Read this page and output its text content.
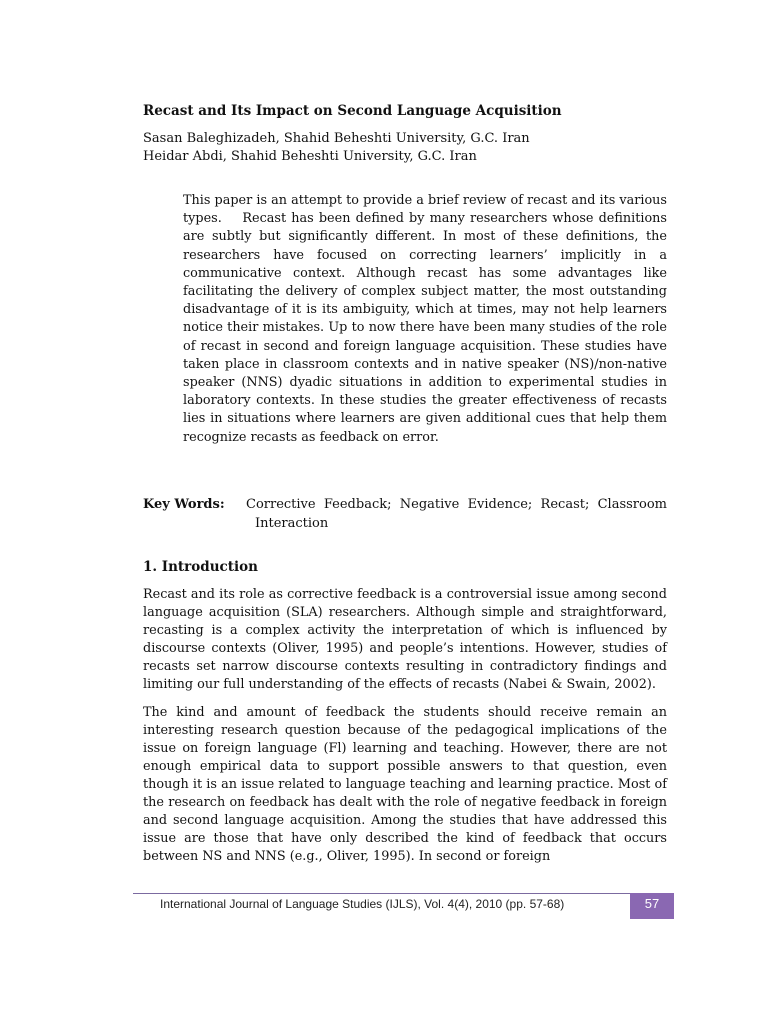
Recast and Its Impact on Second Language Acquisition
Sasan Baleghizadeh, Shahid Beheshti University, G.C. Iran
Heidar Abdi, Shahid Beheshti University, G.C. Iran
This paper is an attempt to provide a brief review of recast and its various types.    Recast has been defined by many researchers whose definitions are subtly but significantly different. In most of these definitions, the researchers have focused on correcting learners’ implicitly in a communicative context. Although recast has some advantages like facilitating the delivery of complex subject matter, the most outstanding disadvantage of it is its ambiguity, which at times, may not help learners notice their mistakes. Up to now there have been many studies of the role of recast in second and foreign language acquisition. These studies have taken place in classroom contexts and in native speaker (NS)/non-native speaker (NNS) dyadic situations in addition to experimental studies in laboratory contexts. In these studies the greater effectiveness of recasts lies in situations where learners are given additional cues that help them recognize recasts as feedback on error.
Key Words:	Corrective Feedback; Negative Evidence; Recast; Classroom
Interaction
1. Introduction

Recast and its role as corrective feedback is a controversial issue among second language acquisition (SLA) researchers. Although simple and straightforward, recasting is a complex activity the interpretation of which is influenced by discourse contexts (Oliver, 1995) and people’s intentions. However, studies of recasts set narrow discourse contexts resulting in contradictory findings and limiting our full understanding of the effects of recasts (Nabei & Swain, 2002).

The kind and amount of feedback the students should receive remain an interesting research question because of the pedagogical implications of the issue on foreign language (Fl) learning and teaching. However, there are not enough empirical data to support possible answers to that question, even though it is an issue related to language teaching and learning practice. Most of the research on feedback has dealt with the role of negative feedback in foreign and second language acquisition. Among the studies that have addressed this issue are those that have only described the kind of feedback that occurs between NS and NNS (e.g., Oliver, 1995). In second or foreign

International Journal of Language Studies (IJLS), Vol. 4(4), 2010 (pp. 57-68)	57
